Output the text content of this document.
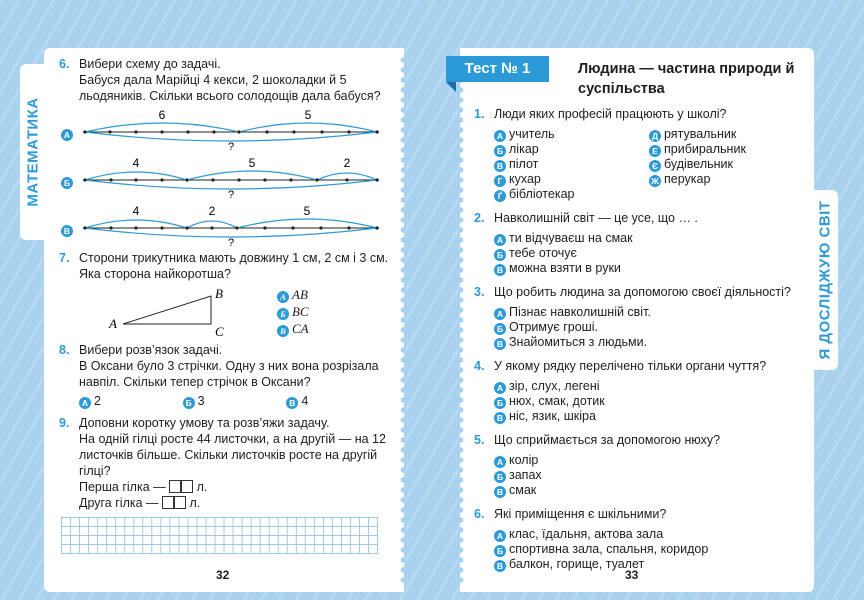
МАТЕМАТИКА
6. Вибери схему до задачі.
Бабуся дала Марійці 4 кекси, 2 шоколадки й 5 льодяників. Скільки всього солодощів дала бабуся?
А
6	5
?
Б
4	5	2
?
В
4	2	5
?
7. Сторони трикутника мають довжину 1 см, 2 см і 3 см. Яка сторона найкоротша?
A
B
C
А AB
Б BC
В CA
8. Вибери розв’язок задачі.
В Оксани було 3 стрічки. Одну з них вона розрізала навпіл. Скільки тепер стрічок в Оксани?
А 2	Б 3	В 4
9. Доповни коротку умову та розв’яжи задачу.
На одній гілці росте 44 листочки, а на другій — на 12 листочків більше. Скільки листочків росте на другій гілці?
Перша гілка — л.
Друга гілка — л.
32
Тест № 1	Людина — частина природи й суспільства
1. Люди яких професій працюють у школі?
А учитель
Б лікар
В пілот
Г кухар
Ґ бібліотекар
Д рятувальник
Е прибиральник
Є будівельник
Ж перукар
2. Навколишній світ — це усе, що … .
А ти відчуваєш на смак
Б тебе оточує
В можна взяти в руки
3. Що робить людина за допомогою своєї діяльності?
А Пізнає навколишній світ.
Б Отримує гроші.
В Знайомиться з людьми.
4. У якому рядку перелічено тільки органи чуття?
А зір, слух, легені
Б нюх, смак, дотик
В ніс, язик, шкіра
5. Що сприймається за допомогою нюху?
А колір
Б запах
В смак
6. Які приміщення є шкільними?
А клас, їдальня, актова зала
Б спортивна зала, спальня, коридор
В балкон, горище, туалет
33
Я ДОСЛІДЖУЮ СВІТ
